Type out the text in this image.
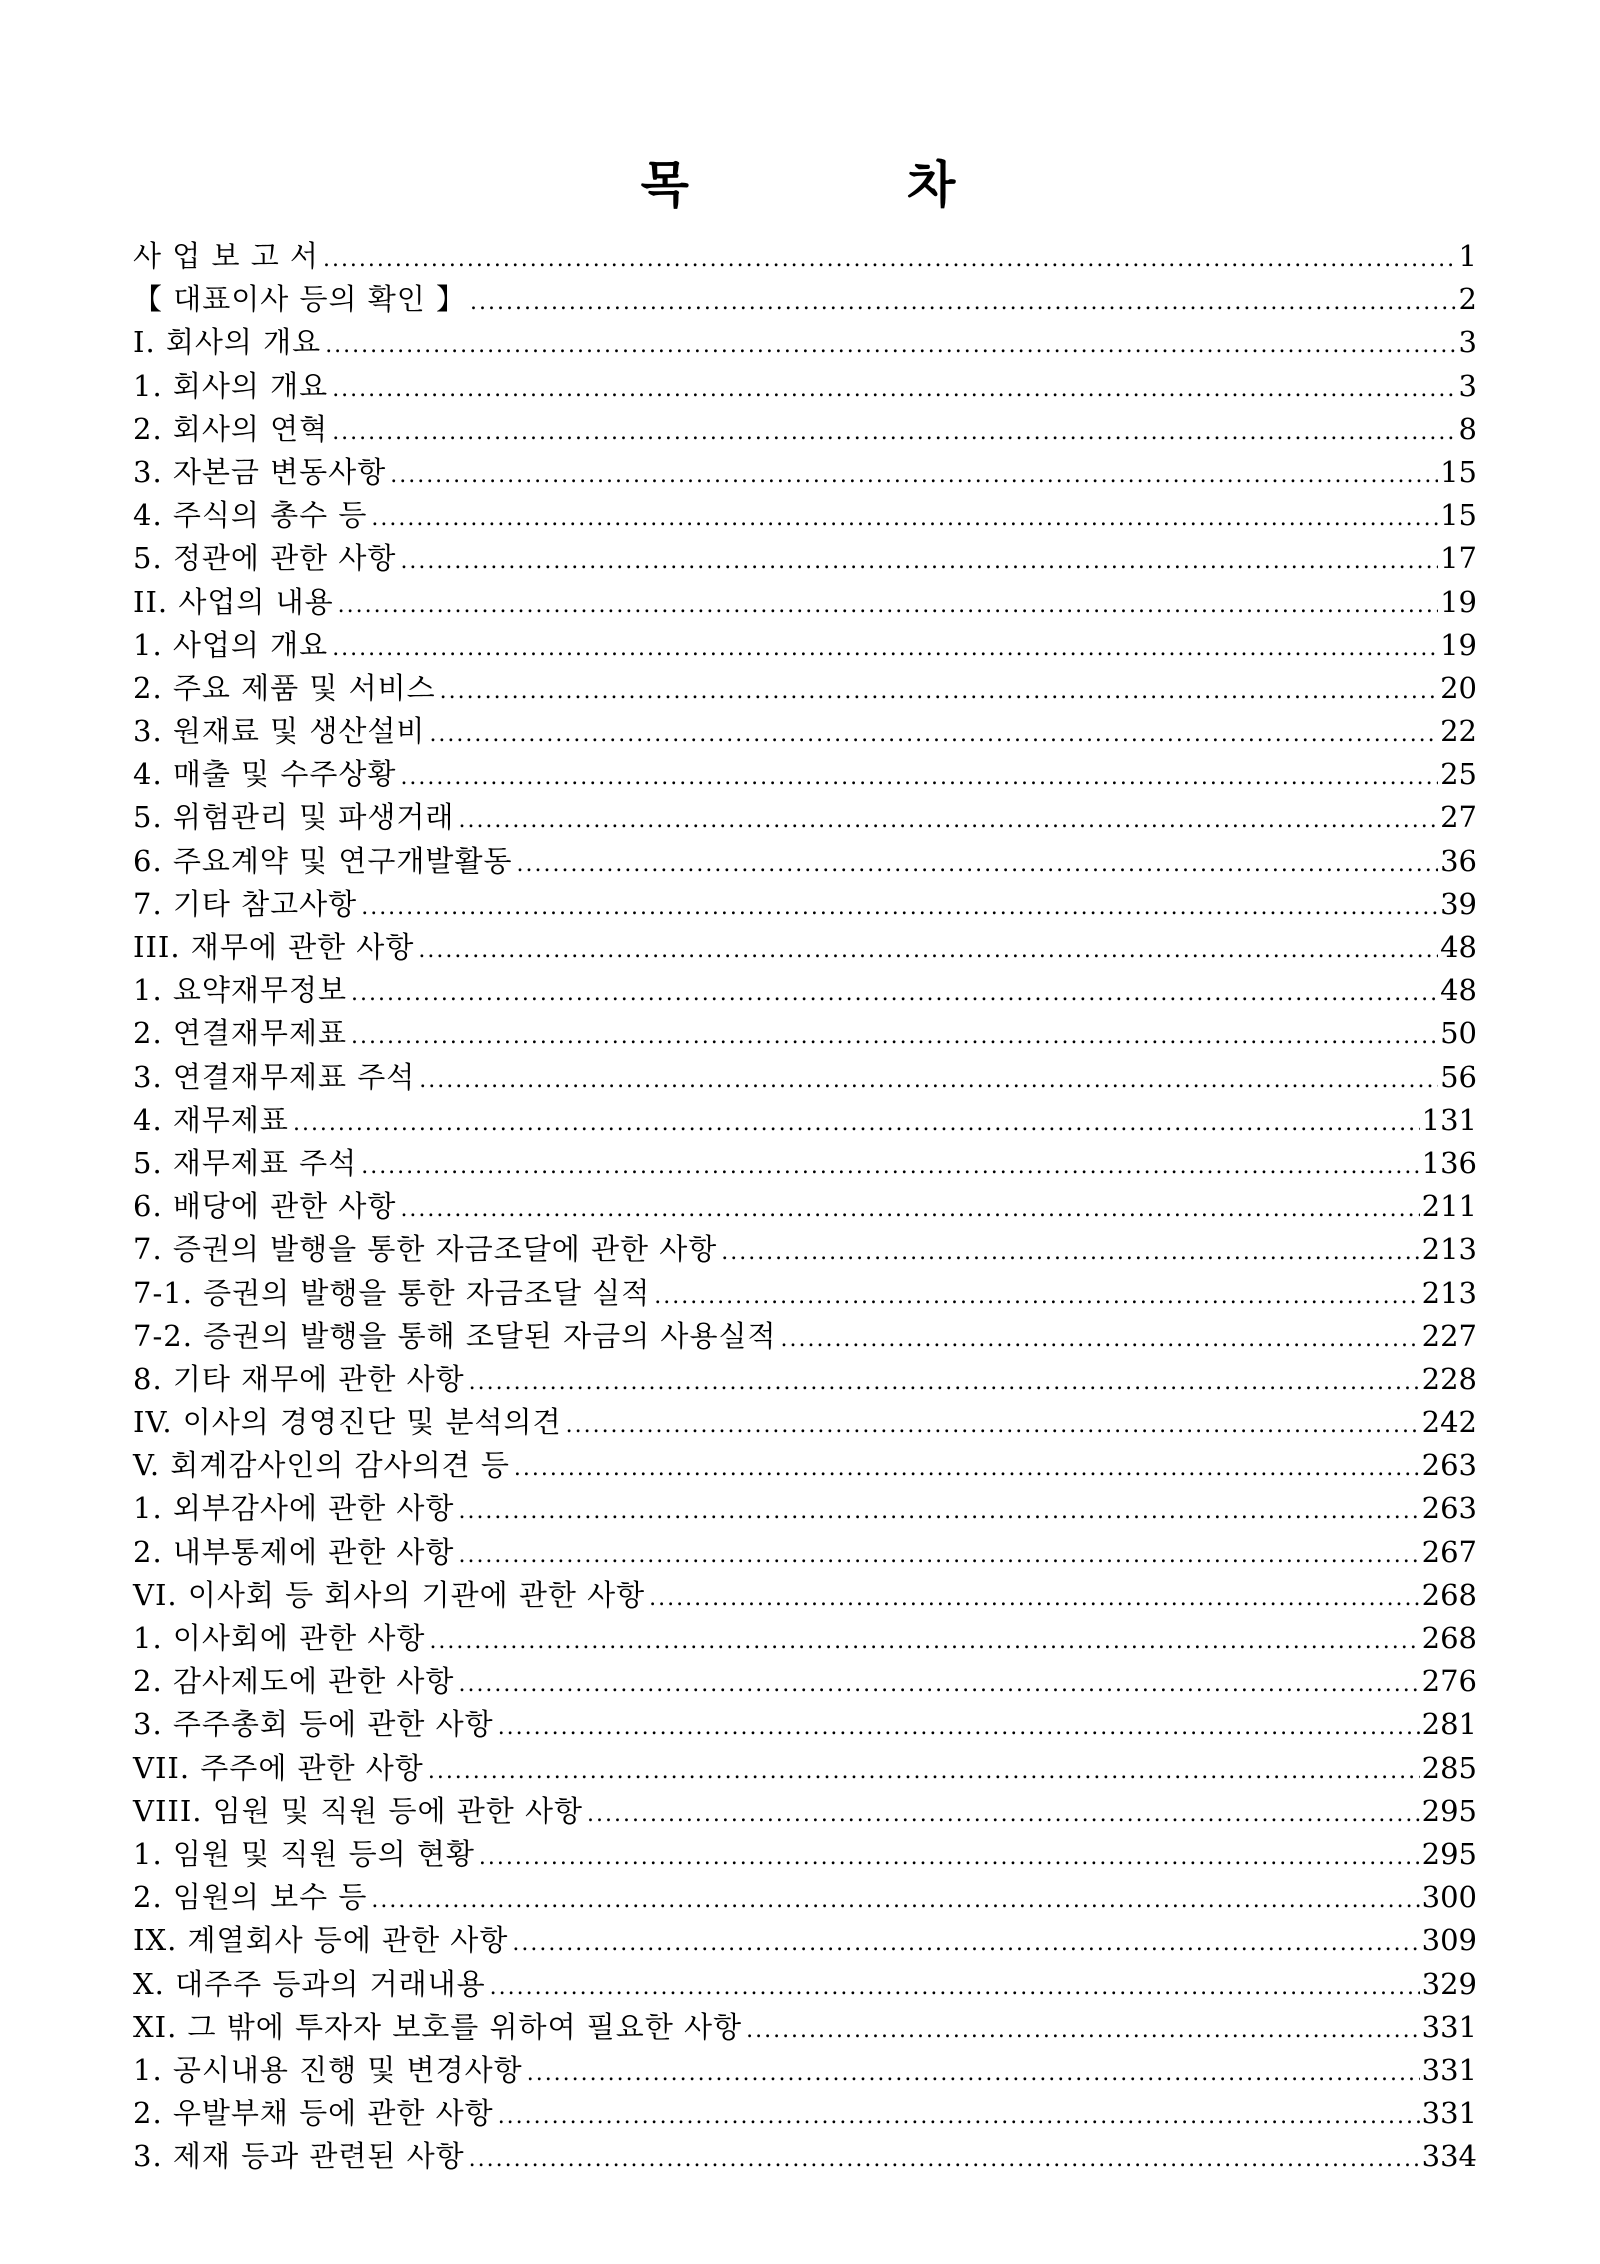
목          차
사 업 보 고 서 .....	1
【 대표이사 등의 확인 】 .....	2
I. 회사의 개요 .....	3
1. 회사의 개요 .....	3
2. 회사의 연혁 .....	8
3. 자본금 변동사항 .....	15
4. 주식의 총수 등 .....	15
5. 정관에 관한 사항 .....	17
II. 사업의 내용 .....	19
1. 사업의 개요 .....	19
2. 주요 제품 및 서비스 .....	20
3. 원재료 및 생산설비 .....	22
4. 매출 및 수주상황 .....	25
5. 위험관리 및 파생거래 .....	27
6. 주요계약 및 연구개발활동 .....	36
7. 기타 참고사항 .....	39
III. 재무에 관한 사항 .....	48
1. 요약재무정보 .....	48
2. 연결재무제표 .....	50
3. 연결재무제표 주석 .....	56
4. 재무제표 .....	131
5. 재무제표 주석 .....	136
6. 배당에 관한 사항 .....	211
7. 증권의 발행을 통한 자금조달에 관한 사항 .....	213
7-1. 증권의 발행을 통한 자금조달 실적 .....	213
7-2. 증권의 발행을 통해 조달된 자금의 사용실적 .....	227
8. 기타 재무에 관한 사항 .....	228
IV. 이사의 경영진단 및 분석의견 .....	242
V. 회계감사인의 감사의견 등 .....	263
1. 외부감사에 관한 사항 .....	263
2. 내부통제에 관한 사항 .....	267
VI. 이사회 등 회사의 기관에 관한 사항 .....	268
1. 이사회에 관한 사항 .....	268
2. 감사제도에 관한 사항 .....	276
3. 주주총회 등에 관한 사항 .....	281
VII. 주주에 관한 사항 .....	285
VIII. 임원 및 직원 등에 관한 사항 .....	295
1. 임원 및 직원 등의 현황 .....	295
2. 임원의 보수 등 .....	300
IX. 계열회사 등에 관한 사항 .....	309
X. 대주주 등과의 거래내용 .....	329
XI. 그 밖에 투자자 보호를 위하여 필요한 사항 .....	331
1. 공시내용 진행 및 변경사항 .....	331
2. 우발부채 등에 관한 사항 .....	331
3. 제재 등과 관련된 사항 .....	334
